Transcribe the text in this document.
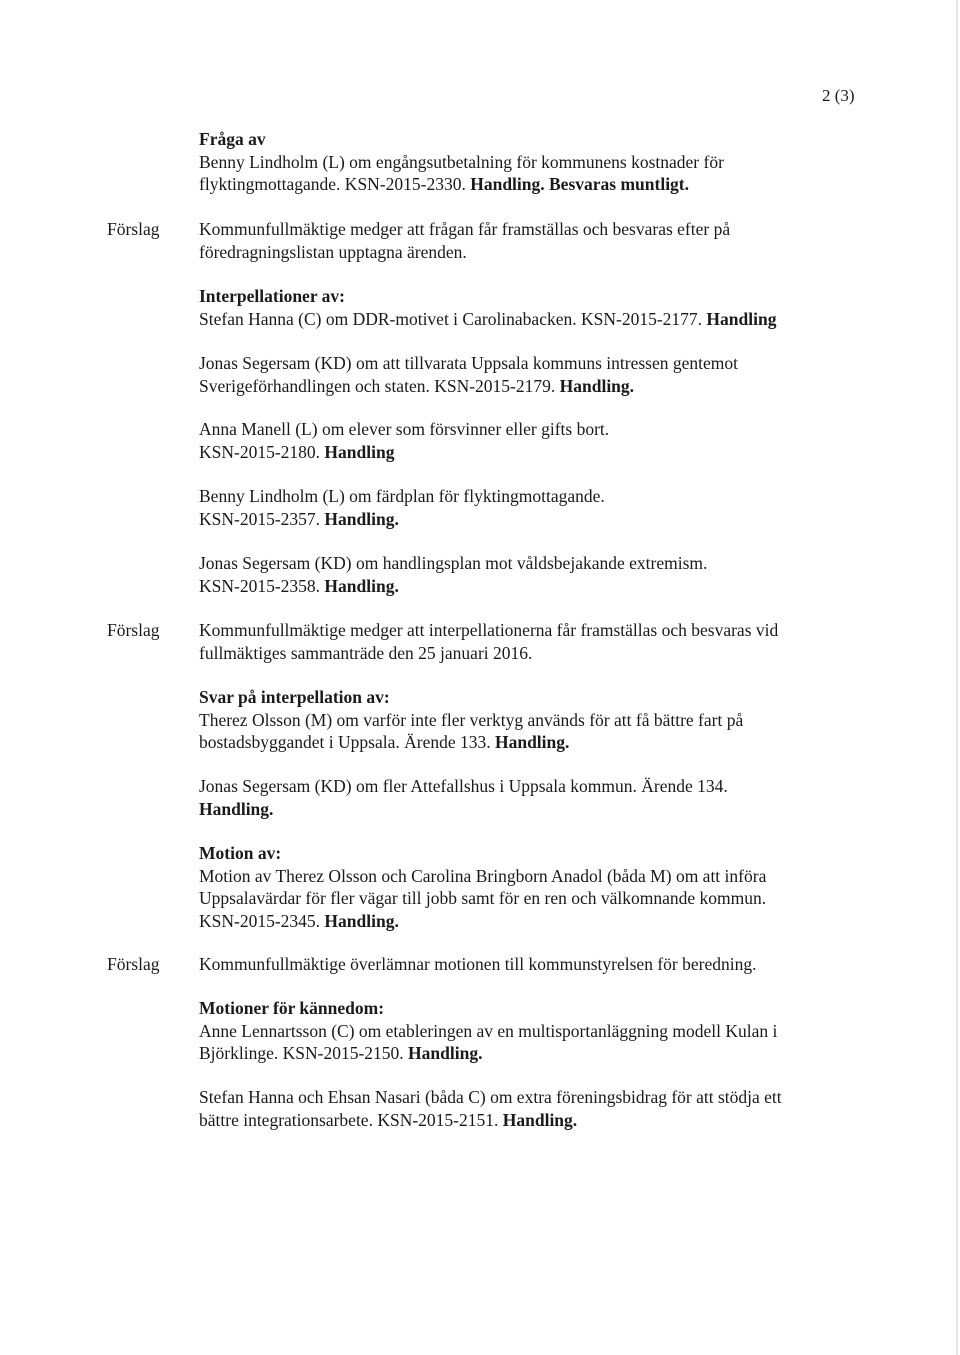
2 (3)
Fråga av
Benny Lindholm (L) om engångsutbetalning för kommunens kostnader för
flyktingmottagande. KSN-2015-2330. Handling. Besvaras muntligt.
Förslag Kommunfullmäktige medger att frågan får framställas och besvaras efter på
föredragningslistan upptagna ärenden.
Interpellationer av:
Stefan Hanna (C) om DDR-motivet i Carolinabacken. KSN-2015-2177. Handling
Jonas Segersam (KD) om att tillvarata Uppsala kommuns intressen gentemot
Sverigeförhandlingen och staten. KSN-2015-2179. Handling.
Anna Manell (L) om elever som försvinner eller gifts bort.
KSN-2015-2180. Handling
Benny Lindholm (L) om färdplan för flyktingmottagande.
KSN-2015-2357. Handling.
Jonas Segersam (KD) om handlingsplan mot våldsbejakande extremism.
KSN-2015-2358. Handling.
Förslag Kommunfullmäktige medger att interpellationerna får framställas och besvaras vid
fullmäktiges sammanträde den 25 januari 2016.
Svar på interpellation av:
Therez Olsson (M) om varför inte fler verktyg används för att få bättre fart på
bostadsbyggandet i Uppsala. Ärende 133. Handling.
Jonas Segersam (KD) om fler Attefallshus i Uppsala kommun. Ärende 134.
Handling.
Motion av:
Motion av Therez Olsson och Carolina Bringborn Anadol (båda M) om att införa
Uppsalavärdar för fler vägar till jobb samt för en ren och välkomnande kommun.
KSN-2015-2345. Handling.
Förslag Kommunfullmäktige överlämnar motionen till kommunstyrelsen för beredning.
Motioner för kännedom:
Anne Lennartsson (C) om etableringen av en multisportanläggning modell Kulan i
Björklinge. KSN-2015-2150. Handling.
Stefan Hanna och Ehsan Nasari (båda C) om extra föreningsbidrag för att stödja ett
bättre integrationsarbete. KSN-2015-2151. Handling.
